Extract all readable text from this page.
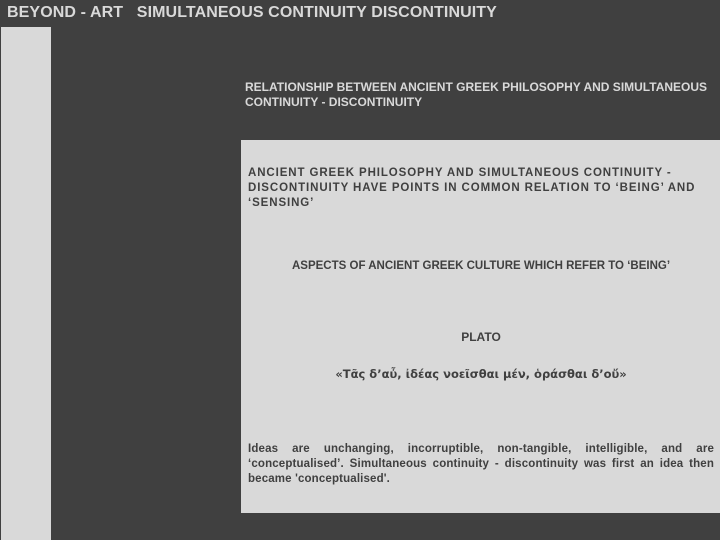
BEYOND - ART   SIMULTANEOUS CONTINUITY DISCONTINUITY
RELATIONSHIP BETWEEN ANCIENT GREEK PHILOSOPHY AND SIMULTANEOUS CONTINUITY - DISCONTINUITY
ANCIENT GREEK PHILOSOPHY AND SIMULTANEOUS CONTINUITY - DISCONTINUITY HAVE POINTS IN COMMON RELATION TO ‘BEING’ AND ‘SENSING’
ASPECTS OF ANCIENT GREEK CULTURE WHICH REFER TO ‘BEING’
PLATO
«Tᾶς δ’αὖ, ἰδέας νοεῖσθαι μέν, ὁράσθαι δ’οὔ»
Ideas are unchanging, incorruptible, non-tangible, intelligible, and are ‘conceptualised’. Simultaneous continuity - discontinuity was first an idea then became 'conceptualised'.
